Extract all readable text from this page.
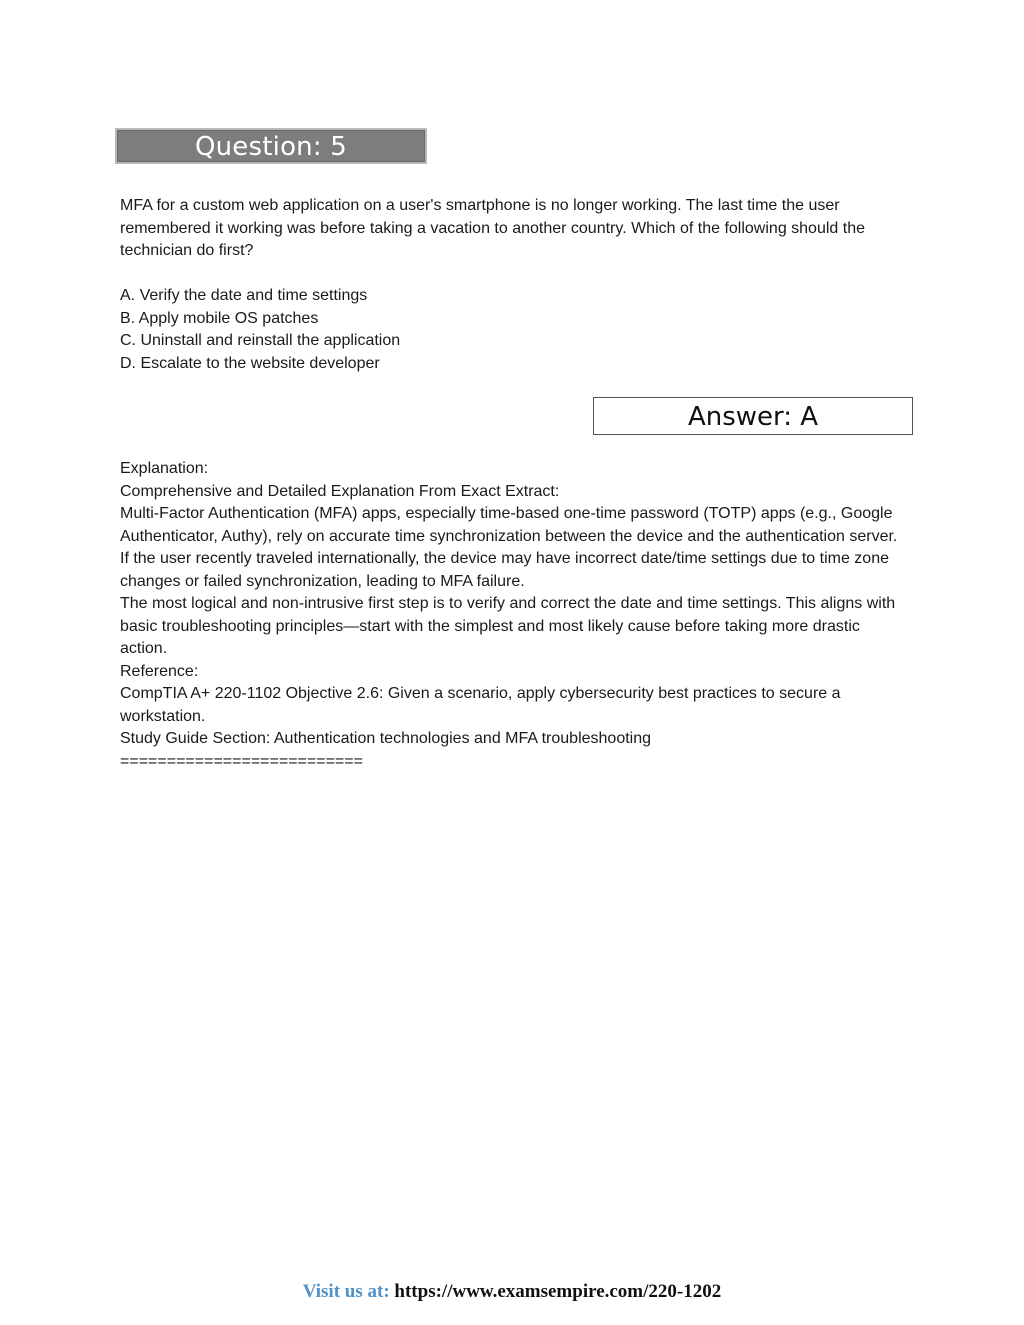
Question: 5

MFA for a custom web application on a user's smartphone is no longer working. The last time the user remembered it working was before taking a vacation to another country. Which of the following should the technician do first?

A. Verify the date and time settings

B. Apply mobile OS patches

C. Uninstall and reinstall the application

D. Escalate to the website developer

Answer: A

Explanation:

Comprehensive and Detailed Explanation From Exact Extract:

Multi-Factor Authentication (MFA) apps, especially time-based one-time password (TOTP) apps (e.g., Google Authenticator, Authy), rely on accurate time synchronization between the device and the authentication server. If the user recently traveled internationally, the device may have incorrect date/time settings due to time zone changes or failed synchronization, leading to MFA failure.

The most logical and non-intrusive first step is to verify and correct the date and time settings. This aligns with basic troubleshooting principles—start with the simplest and most likely cause before taking more drastic action.

Reference:

CompTIA A+ 220-1102 Objective 2.6: Given a scenario, apply cybersecurity best practices to secure a workstation.

Study Guide Section: Authentication technologies and MFA troubleshooting

==========================

Visit us at: https://www.examsempire.com/220-1202
